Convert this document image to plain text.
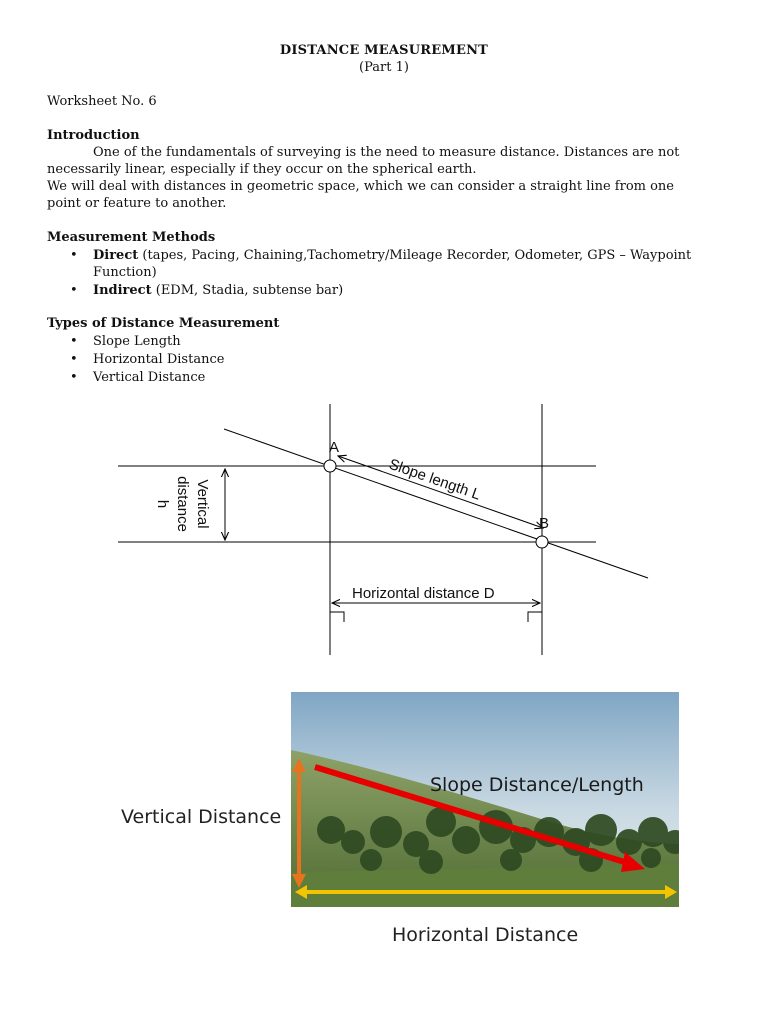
DISTANCE MEASUREMENT
(Part 1)
Worksheet No. 6
Introduction
One of the fundamentals of surveying is the need to measure distance. Distances are not
necessarily linear, especially if they occur on the spherical earth.
We will deal with distances in geometric space, which we can consider a straight line from one
point or feature to another.
Measurement Methods
• Direct (tapes, Pacing, Chaining,Tachometry/Mileage Recorder, Odometer, GPS – Waypoint
Function)
• Indirect (EDM, Stadia, subtense bar)
Types of Distance Measurement
• Slope Length
• Horizontal Distance
• Vertical Distance
A
B
Slope length L
Horizontal distance D
Vertical
distance
h
Slope Distance/Length
Vertical Distance
Horizontal Distance
